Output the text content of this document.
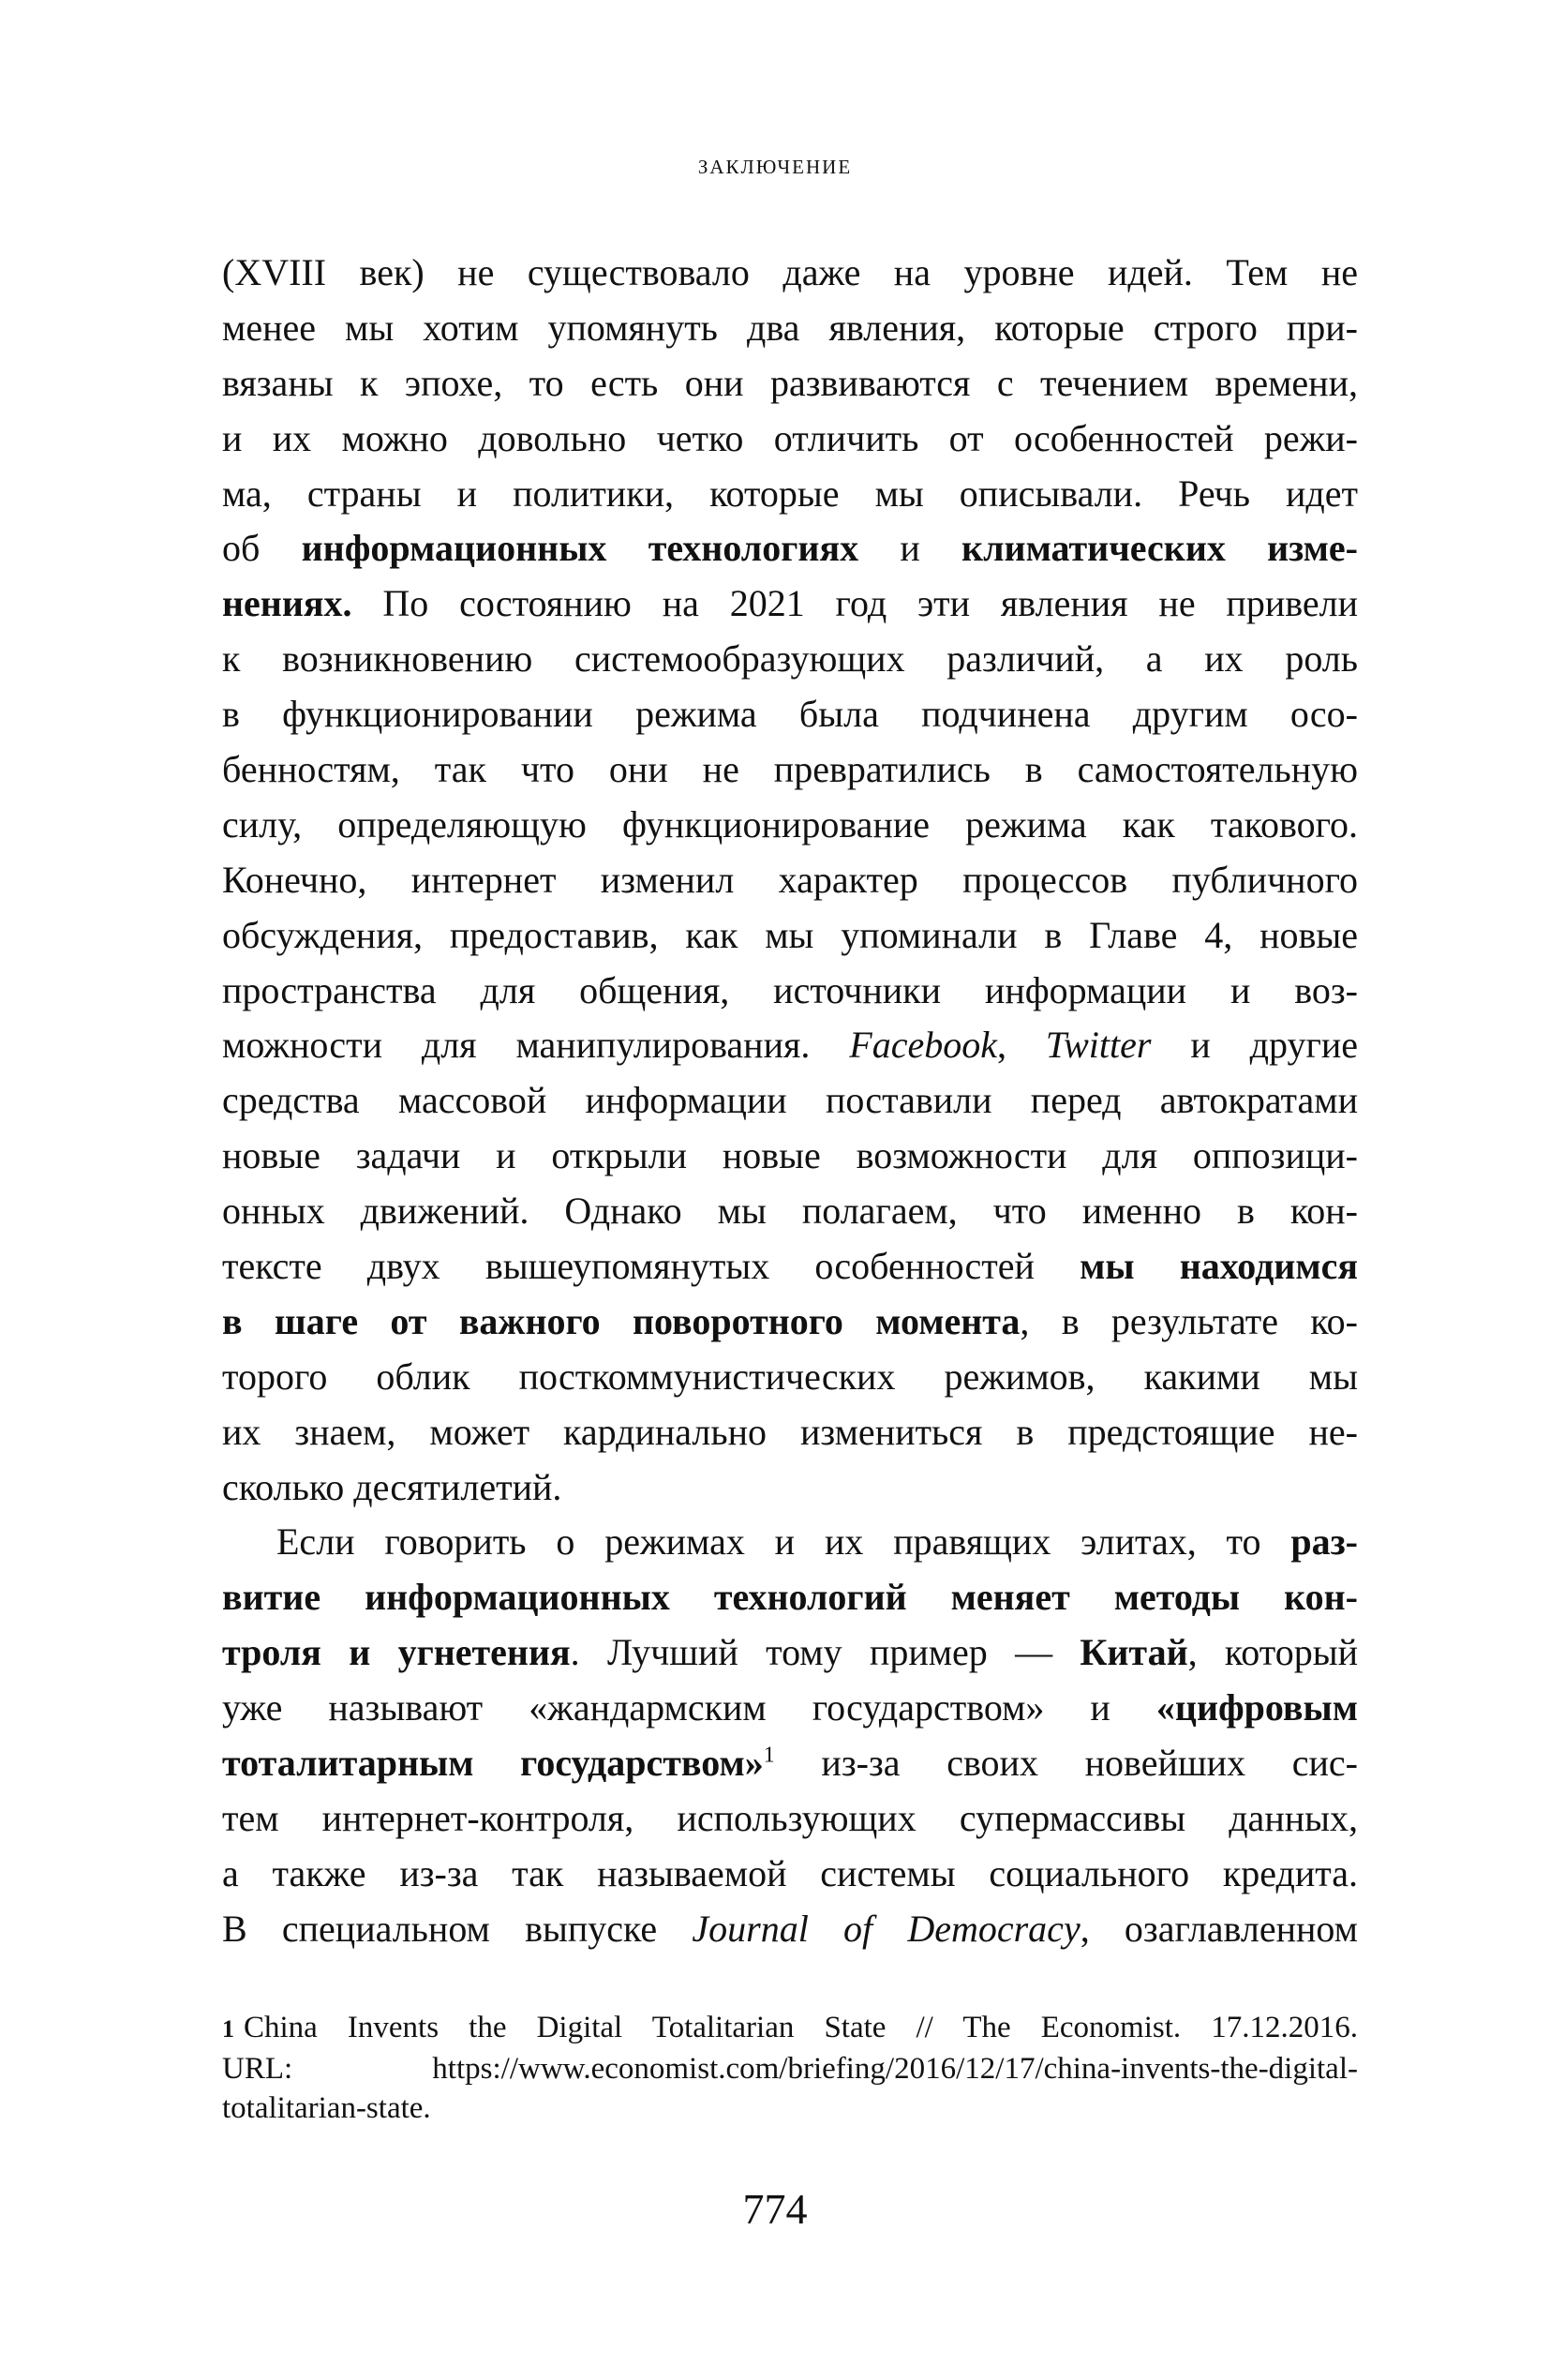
ЗАКЛЮЧЕНИЕ
(XVIII век) не существовало даже на уровне идей. Тем не
менее мы хотим упомянуть два явления, которые строго при-
вязаны к эпохе, то есть они развиваются с течением времени,
и их можно довольно четко отличить от особенностей режи-
ма, страны и политики, которые мы описывали. Речь идет
об информационных технологиях и климатических изме-
нениях. По состоянию на 2021 год эти явления не привели
к возникновению системообразующих различий, а их роль
в функционировании режима была подчинена другим осо-
бенностям, так что они не превратились в самостоятельную
силу, определяющую функционирование режима как такового.
Конечно, интернет изменил характер процессов публичного
обсуждения, предоставив, как мы упоминали в Главе 4, новые
пространства для общения, источники информации и воз-
можности для манипулирования. Facebook, Twitter и другие
средства массовой информации поставили перед автократами
новые задачи и открыли новые возможности для оппозици-
онных движений. Однако мы полагаем, что именно в кон-
тексте двух вышеупомянутых особенностей мы находимся
в шаге от важного поворотного момента, в результате ко-
торого облик посткоммунистических режимов, какими мы
их знаем, может кардинально измениться в предстоящие не-
сколько десятилетий.
Если говорить о режимах и их правящих элитах, то раз-
витие информационных технологий меняет методы кон-
троля и угнетения. Лучший тому пример — Китай, который
уже называют «жандармским государством» и «цифровым
тоталитарным государством»$^1$ из-за своих новейших сис-
тем интернет-контроля, использующих супермассивы данных,
а также из-за так называемой системы социального кредита.
В специальном выпуске Journal of Democracy, озаглавленном
1 China Invents the Digital Totalitarian State // The Economist. 17.12.2016.
URL: https://www.economist.com/briefing/2016/12/17/china-invents-the-digital-
totalitarian-state.
774
